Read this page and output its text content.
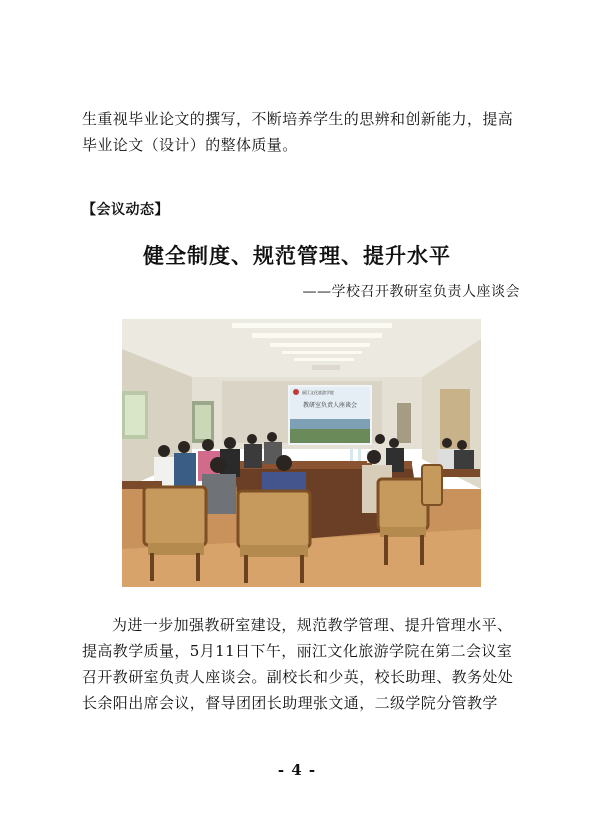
生重视毕业论文的撰写，不断培养学生的思辨和创新能力，提高毕业论文（设计）的整体质量。

【会议动态】
健全制度、规范管理、提升水平
——学校召开教研室负责人座谈会
丽江文化旅游学院
教研室负责人座谈会

为进一步加强教研室建设，规范教学管理、提升管理水平、提高教学质量，5月11日下午，丽江文化旅游学院在第二会议室召开教研室负责人座谈会。副校长和少英，校长助理、教务处处长余阳出席会议，督导团团长助理张文通，二级学院分管教学

- 4 -
